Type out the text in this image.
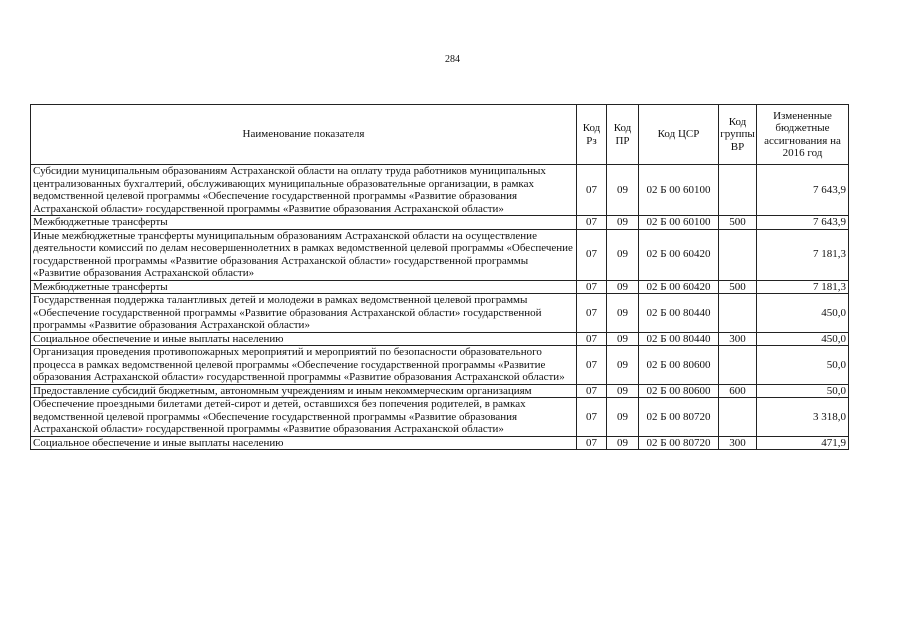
284
Наименование показателя	Код Рз	Код ПР	Код ЦСР	Код группы ВР	Измененные бюджетные ассигнования на 2016 год
Субсидии муниципальным образованиям Астраханской области на оплату труда работников муниципальных централизованных бухгалтерий, обслуживающих муниципальные образовательные организации, в рамках ведомственной целевой программы «Обеспечение государственной программы «Развитие образования Астраханской области» государственной программы «Развитие образования Астраханской области»	07	09	02 Б 00 60100		7 643,9
Межбюджетные трансферты	07	09	02 Б 00 60100	500	7 643,9
Иные межбюджетные трансферты муниципальным образованиям Астраханской области на осуществление деятельности комиссий по делам несовершеннолетних в рамках ведомственной целевой программы «Обеспечение государственной программы «Развитие образования Астраханской области» государственной программы «Развитие образования Астраханской области»	07	09	02 Б 00 60420		7 181,3
Межбюджетные трансферты	07	09	02 Б 00 60420	500	7 181,3
Государственная поддержка талантливых детей и молодежи в рамках ведомственной целевой программы «Обеспечение государственной программы «Развитие образования Астраханской области» государственной программы «Развитие образования Астраханской области»	07	09	02 Б 00 80440		450,0
Социальное обеспечение и иные выплаты населению	07	09	02 Б 00 80440	300	450,0
Организация проведения противопожарных мероприятий и мероприятий по безопасности образовательного процесса в рамках ведомственной целевой программы «Обеспечение государственной программы «Развитие образования Астраханской области» государственной программы «Развитие образования Астраханской области»	07	09	02 Б 00 80600		50,0
Предоставление субсидий бюджетным, автономным учреждениям и иным некоммерческим организациям	07	09	02 Б 00 80600	600	50,0
Обеспечение проездными билетами детей-сирот и детей, оставшихся без попечения родителей, в рамках ведомственной целевой программы «Обеспечение государственной программы «Развитие образования Астраханской области» государственной программы «Развитие образования Астраханской области»	07	09	02 Б 00 80720		3 318,0
Социальное обеспечение и иные выплаты населению	07	09	02 Б 00 80720	300	471,9
